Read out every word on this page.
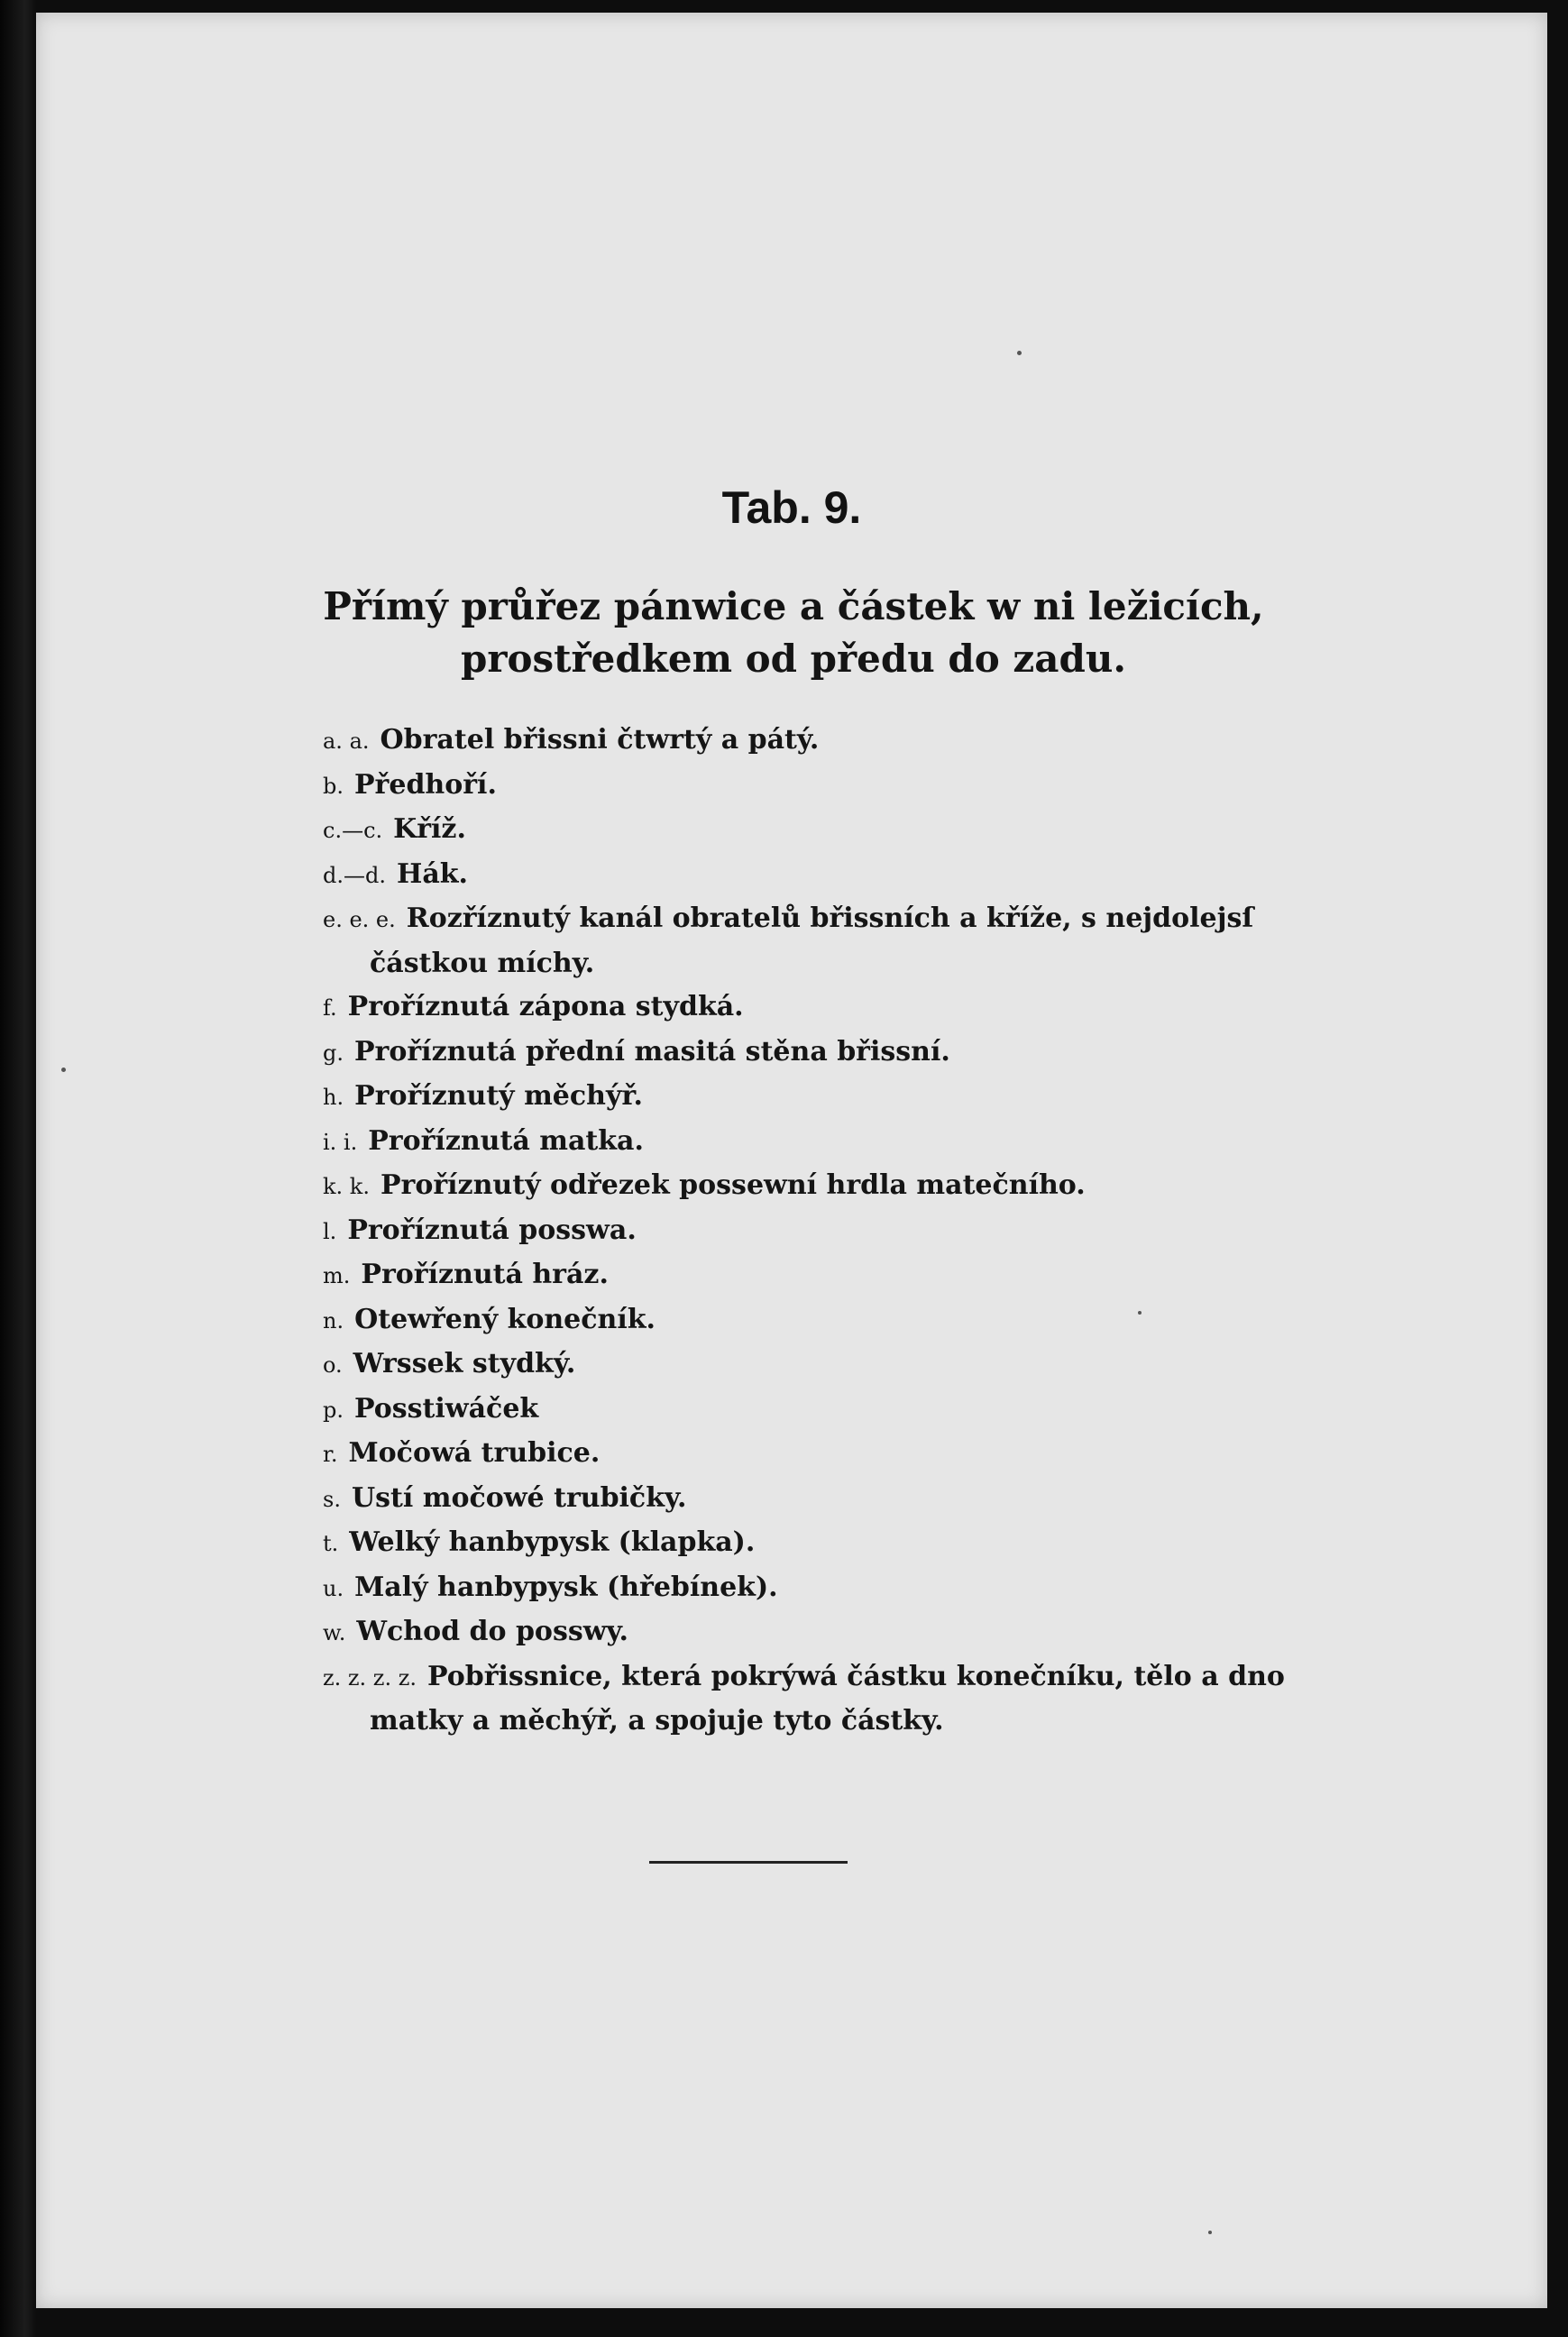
Tab. 9.
Přímý průřez pánwice a částek w ni ležicích, prostředkem od předu do zadu.
a. a. Obratel břissni čtwrtý a pátý.
b. Předhoří.
c.—c. Kříž.
d.—d. Hák.
e. e. e. Rozříznutý kanál obratelů břissních a kříže, s nejdolejsſ částkou míchy.
f. Proříznutá zápona stydká.
g. Proříznutá přední masitá stěna břissní.
h. Proříznutý měchýř.
i. i. Proříznutá matka.
k. k. Proříznutý odřezek possewní hrdla matečního.
l. Proříznutá posswa.
m. Proříznutá hráz.
n. Otewřený konečník.
o. Wrssek stydký.
p. Posstiwáček
r. Močowá trubice.
s. Ustí močowé trubičky.
t. Welký hanbypysk (klapka).
u. Malý hanbypysk (hřebínek).
w. Wchod do posswy.
z. z. z. z. Pobřissnice, která pokrýwá částku konečníku, tělo a dno matky a měchýř, a spojuje tyto částky.
